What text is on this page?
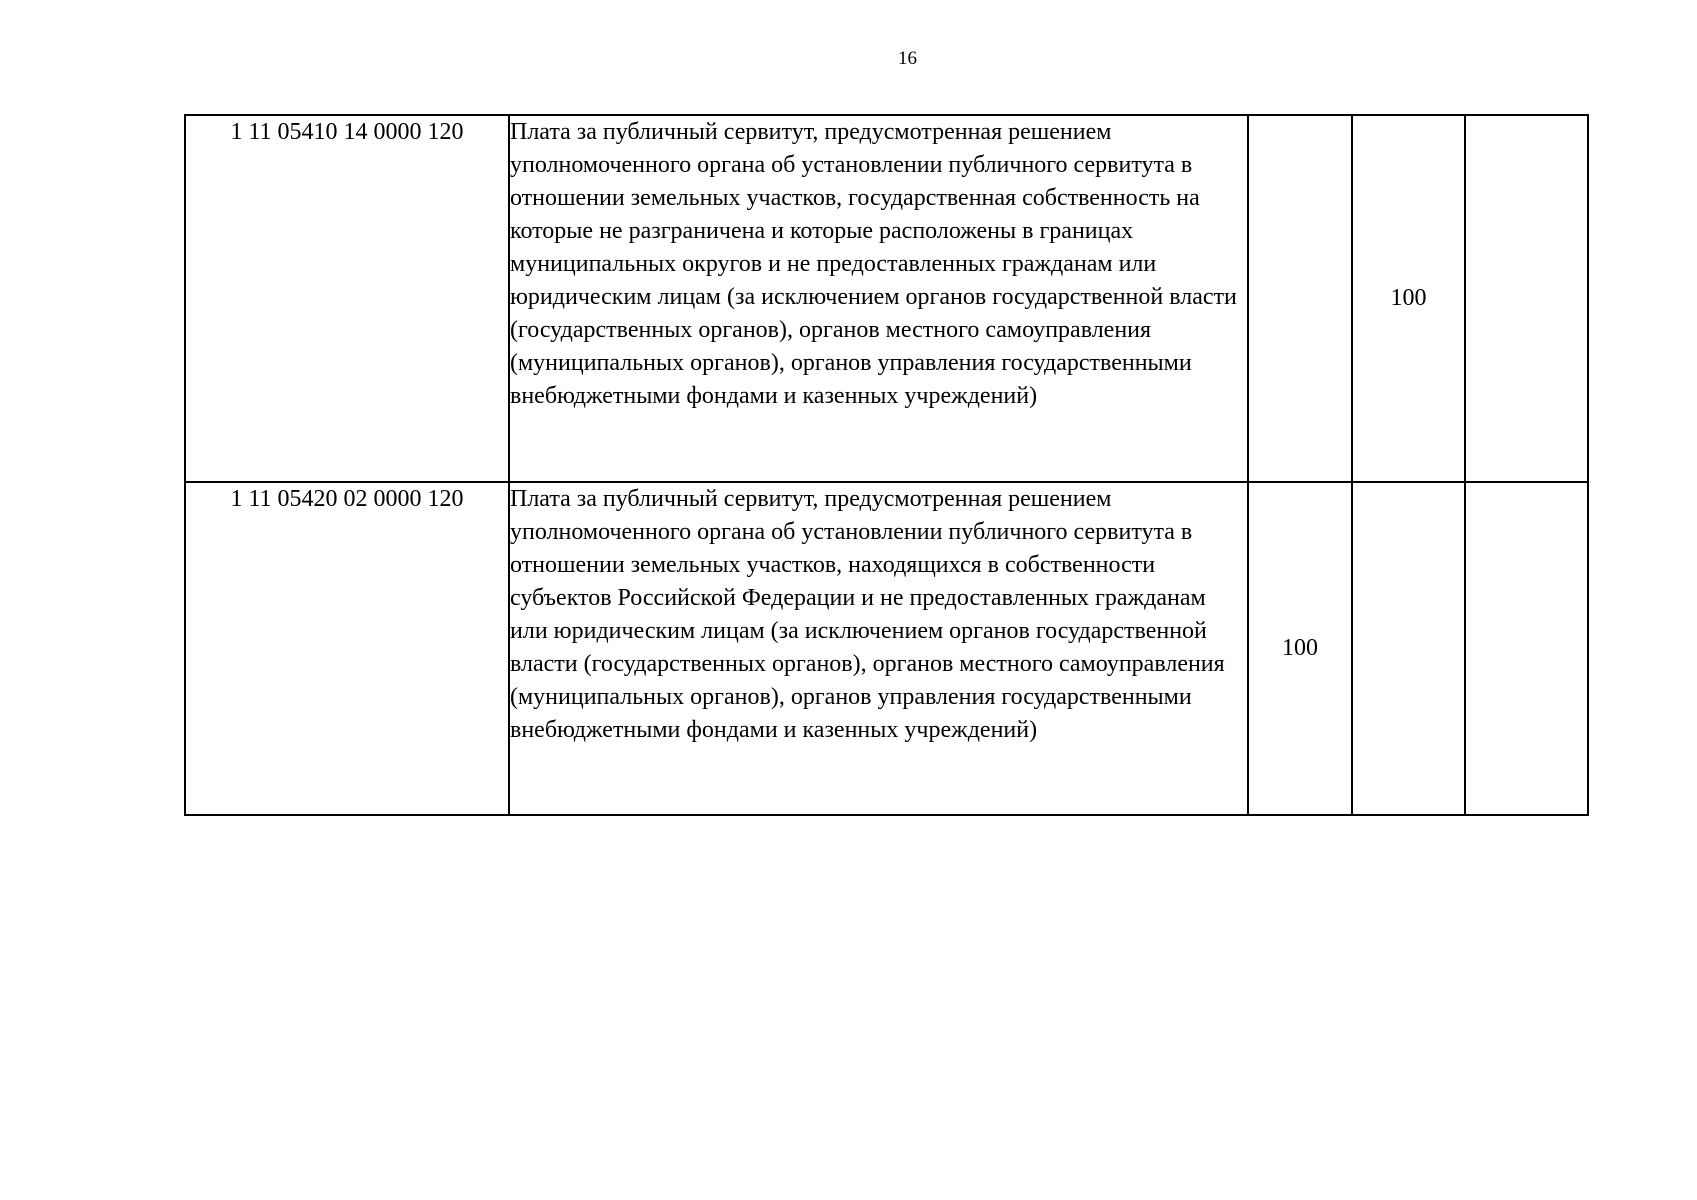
16
1 11 05410 14 0000 120	Плата за публичный сервитут, предусмотренная решением уполномоченного органа об установлении публичного сервитута в отношении земельных участков, государственная собственность на которые не разграничена и которые расположены в границах муниципальных округов и не предоставленных гражданам или юридическим лицам (за исключением органов государственной власти (государственных органов), органов местного самоуправления (муниципальных органов), органов управления государственными внебюджетными фондами и казенных учреждений)		100	
1 11 05420 02 0000 120	Плата за публичный сервитут, предусмотренная решением уполномоченного органа об установлении публичного сервитута в отношении земельных участков, находящихся в собственности субъектов Российской Федерации и не предоставленных гражданам или юридическим лицам (за исключением органов государственной власти (государственных органов), органов местного самоуправления (муниципальных органов), органов управления государственными внебюджетными фондами и казенных учреждений)	100		
